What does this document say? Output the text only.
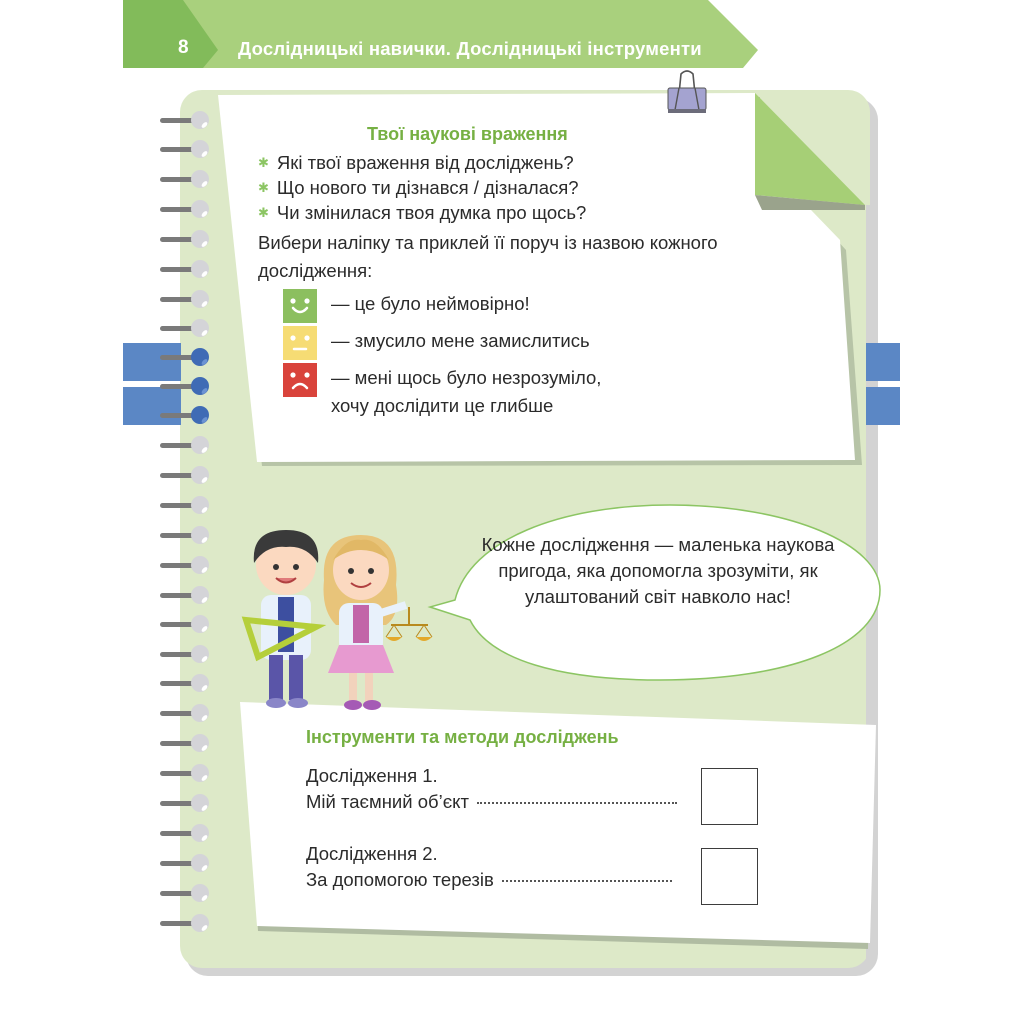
8	Дослідницькі навички. Дослідницькі інструменти
Твої наукові враження
✱ Які твої враження від досліджень?
✱ Що нового ти дізнався / дізналася?
✱ Чи змінилася твоя думка про щось?
Вибери наліпку та приклей її поруч із назвою кожного дослідження:
— це було неймовірно!
— змусило мене замислитись
— мені щось було незрозуміло,
хочу дослідити це глибше
Кожне дослідження — маленька наукова пригода, яка допомогла зрозуміти, як улаштований світ навколо нас!
Інструменти та методи досліджень
Дослідження 1.
Мій таємний об’єкт
Дослідження 2.
За допомогою терезів
